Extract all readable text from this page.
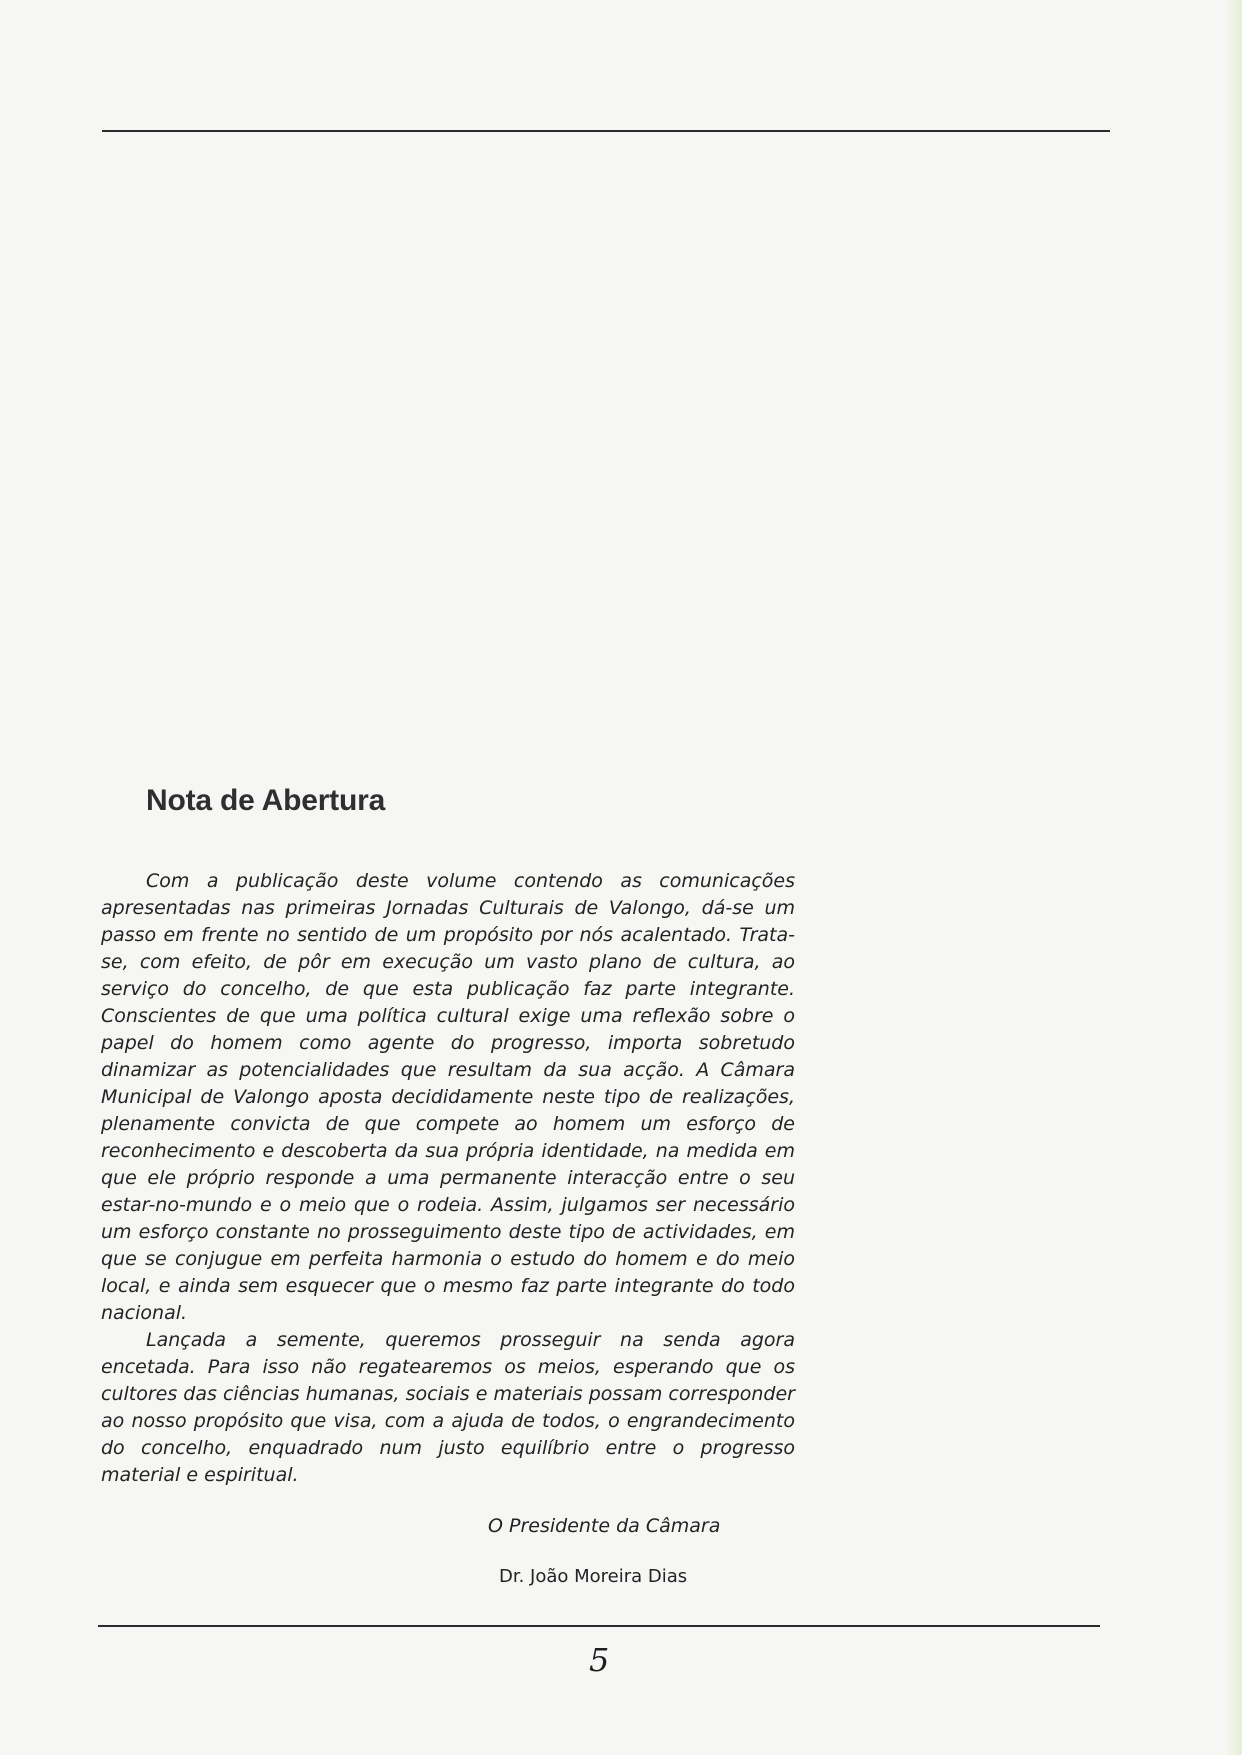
Nota de Abertura

Com a publicação deste volume contendo as comunicações apresentadas nas primeiras Jornadas Culturais de Valongo, dá-se um passo em frente no sentido de um propósito por nós acalentado. Trata-se, com efeito, de pôr em execução um vasto plano de cultura, ao serviço do concelho, de que esta publicação faz parte integrante. Conscientes de que uma política cultural exige uma reflexão sobre o papel do homem como agente do progresso, importa sobretudo dinamizar as potencialidades que resultam da sua acção. A Câmara Municipal de Valongo aposta decididamente neste tipo de realizações, plenamente convicta de que compete ao homem um esforço de reconhecimento e descoberta da sua própria identidade, na medida em que ele próprio responde a uma permanente interacção entre o seu estar-no-mundo e o meio que o rodeia. Assim, julgamos ser necessário um esforço constante no prosseguimento deste tipo de actividades, em que se conjugue em perfeita harmonia o estudo do homem e do meio local, e ainda sem esquecer que o mesmo faz parte integrante do todo nacional.

Lançada a semente, queremos prosseguir na senda agora encetada. Para isso não regatearemos os meios, esperando que os cultores das ciências humanas, sociais e materiais possam corresponder ao nosso propósito que visa, com a ajuda de todos, o engrandecimento do concelho, enquadrado num justo equilíbrio entre o progresso material e espiritual.

O Presidente da Câmara
Dr. João Moreira Dias
5
